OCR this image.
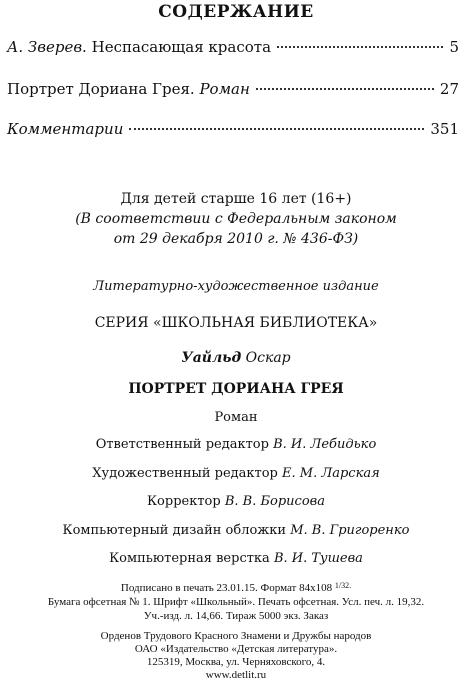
СОДЕРЖАНИЕ
А. Зверев. Неспасающая красота	5
Портрет Дориана Грея. Роман	27
Комментарии	351
Для детей старше 16 лет (16+)
(В соответствии с Федеральным законом
от 29 декабря 2010 г. № 436-ФЗ)
Литературно-художественное издание
СЕРИЯ «ШКОЛЬНАЯ БИБЛИОТЕКА»
Уайльд Оскар
ПОРТРЕТ ДОРИАНА ГРЕЯ
Роман
Ответственный редактор В. И. Лебидько
Художественный редактор Е. М. Ларская
Корректор В. В. Борисова
Компьютерный дизайн обложки М. В. Григоренко
Компьютерная верстка В. И. Тушева
Подписано в печать 23.01.15. Формат 84х108 $^{1/32.}$
Бумага офсетная № 1. Шрифт «Школьный». Печать офсетная. Усл. печ. л. 19,32.
Уч.-изд. л. 14,66. Тираж 5000 экз. Заказ
Орденов Трудового Красного Знамени и Дружбы народов
ОАО «Издательство «Детская литература».
125319, Москва, ул. Черняховского, 4.
www.detlit.ru
